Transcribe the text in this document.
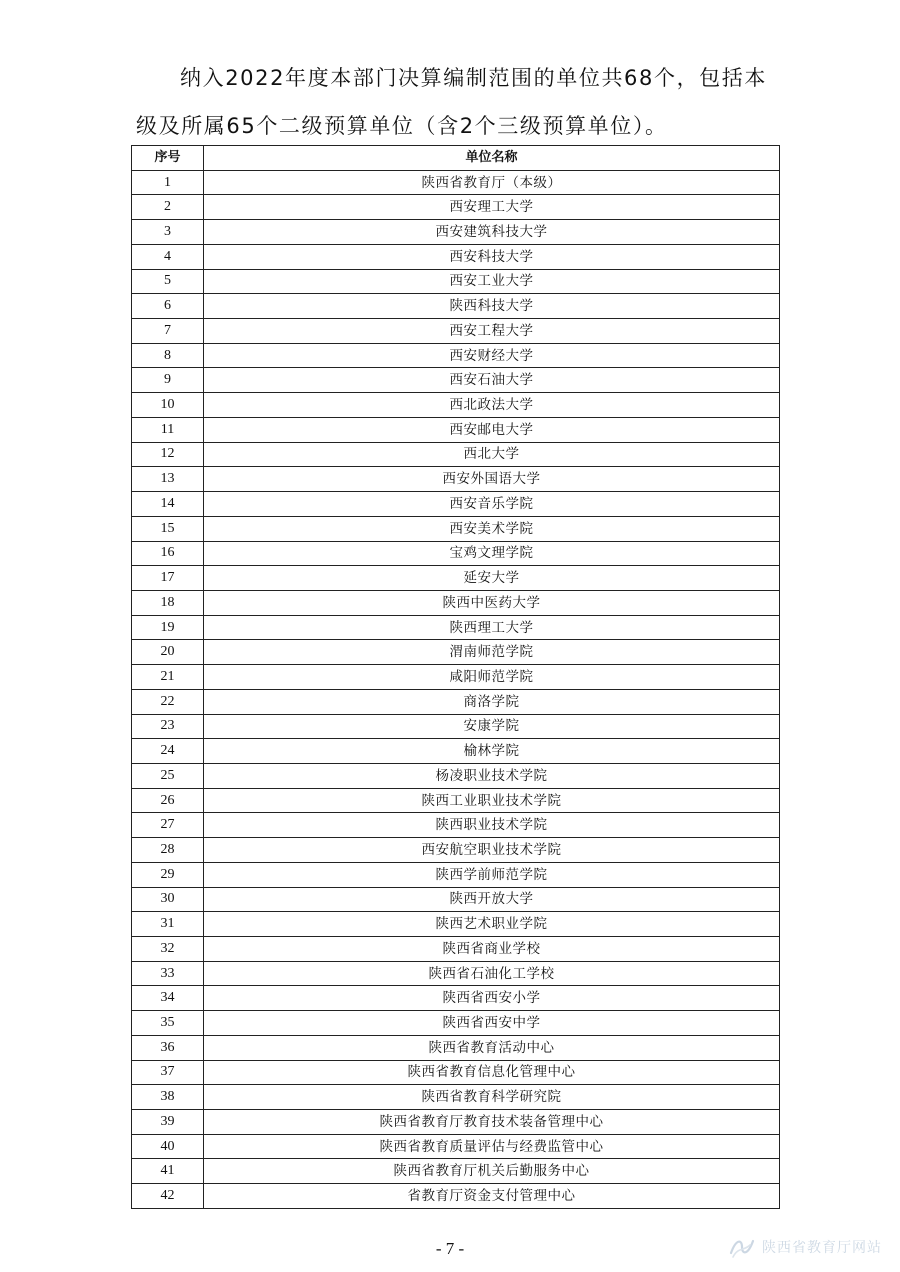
纳入2022年度本部门决算编制范围的单位共68个，包括本级及所属65个二级预算单位（含2个三级预算单位）。
序号	单位名称
1	陕西省教育厅（本级）
2	西安理工大学
3	西安建筑科技大学
4	西安科技大学
5	西安工业大学
6	陕西科技大学
7	西安工程大学
8	西安财经大学
9	西安石油大学
10	西北政法大学
11	西安邮电大学
12	西北大学
13	西安外国语大学
14	西安音乐学院
15	西安美术学院
16	宝鸡文理学院
17	延安大学
18	陕西中医药大学
19	陕西理工大学
20	渭南师范学院
21	咸阳师范学院
22	商洛学院
23	安康学院
24	榆林学院
25	杨凌职业技术学院
26	陕西工业职业技术学院
27	陕西职业技术学院
28	西安航空职业技术学院
29	陕西学前师范学院
30	陕西开放大学
31	陕西艺术职业学院
32	陕西省商业学校
33	陕西省石油化工学校
34	陕西省西安小学
35	陕西省西安中学
36	陕西省教育活动中心
37	陕西省教育信息化管理中心
38	陕西省教育科学研究院
39	陕西省教育厅教育技术装备管理中心
40	陕西省教育质量评估与经费监管中心
41	陕西省教育厅机关后勤服务中心
42	省教育厅资金支付管理中心
- 7 -	陕西省教育厅网站
